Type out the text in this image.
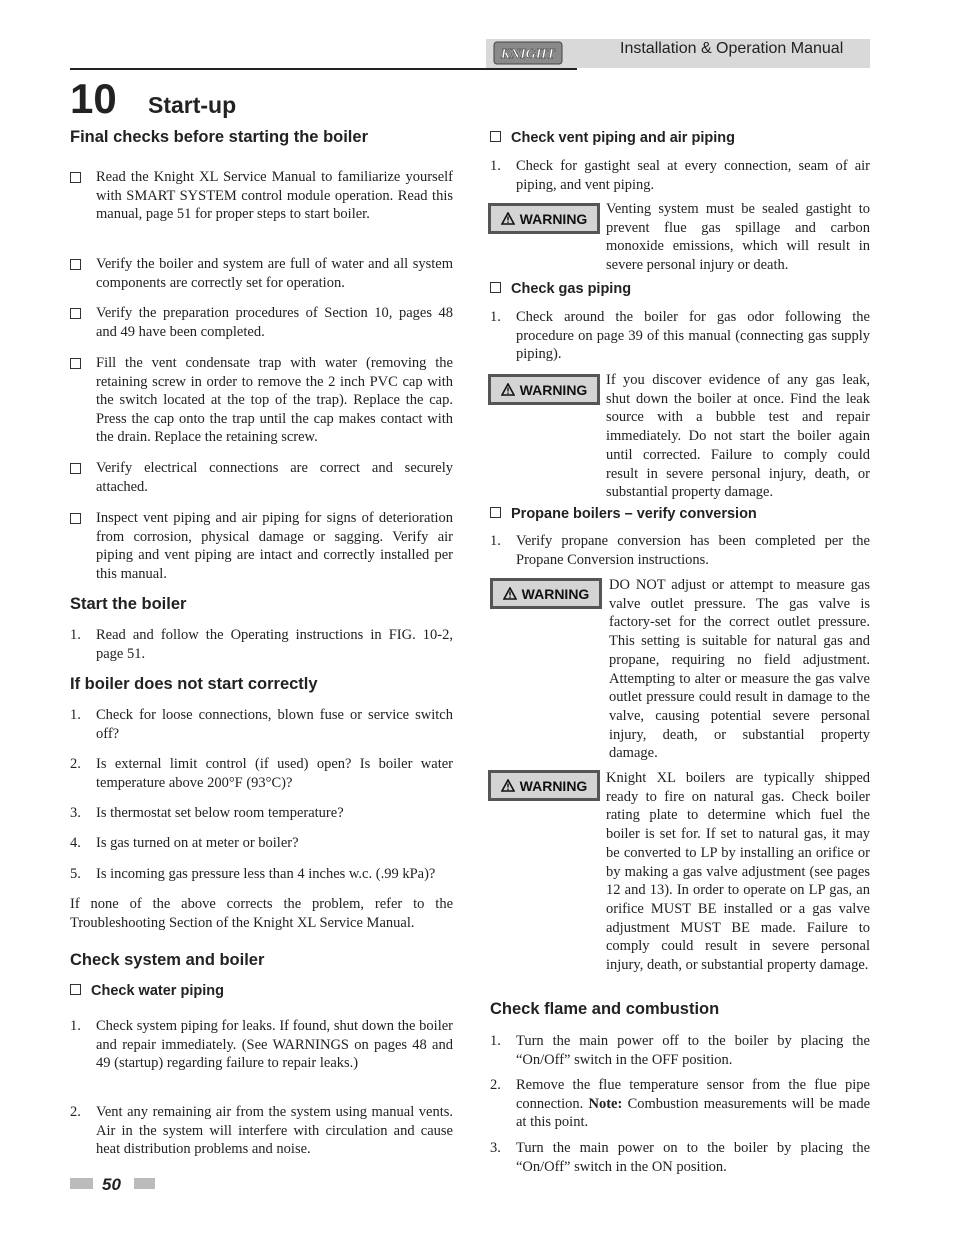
KNIGHT	Installation & Operation Manual
10 Start-up
Final checks before starting the boiler
Read the Knight XL Service Manual to familiarize yourself with SMART SYSTEM control module operation. Read this manual, page 51 for proper steps to start boiler.
Verify the boiler and system are full of water and all system components are correctly set for operation.
Verify the preparation procedures of Section 10, pages 48 and 49 have been completed.
Fill the vent condensate trap with water (removing the retaining screw in order to remove the 2 inch PVC cap with the switch located at the top of the trap). Replace the cap. Press the cap onto the trap until the cap makes contact with the drain. Replace the retaining screw.
Verify electrical connections are correct and securely attached.
Inspect vent piping and air piping for signs of deterioration from corrosion, physical damage or sagging. Verify air piping and vent piping are intact and correctly installed per this manual.
Start the boiler
1. Read and follow the Operating instructions in FIG. 10-2, page 51.
If boiler does not start correctly
1. Check for loose connections, blown fuse or service switch off?
2. Is external limit control (if used) open? Is boiler water temperature above 200°F (93°C)?
3. Is thermostat set below room temperature?
4. Is gas turned on at meter or boiler?
5. Is incoming gas pressure less than 4 inches w.c. (.99 kPa)?
If none of the above corrects the problem, refer to the Troubleshooting Section of the Knight XL Service Manual.
Check system and boiler
Check water piping
1. Check system piping for leaks. If found, shut down the boiler and repair immediately. (See WARNINGS on pages 48 and 49 (startup) regarding failure to repair leaks.)
2. Vent any remaining air from the system using manual vents. Air in the system will interfere with circulation and cause heat distribution problems and noise.
Check vent piping and air piping
1. Check for gastight seal at every connection, seam of air piping, and vent piping.
WARNING
Venting system must be sealed gastight to prevent flue gas spillage and carbon monoxide emissions, which will result in severe personal injury or death.
Check gas piping
1. Check around the boiler for gas odor following the procedure on page 39 of this manual (connecting gas supply piping).
WARNING
If you discover evidence of any gas leak, shut down the boiler at once. Find the leak source with a bubble test and repair immediately. Do not start the boiler again until corrected. Failure to comply could result in severe personal injury, death, or substantial property damage.
Propane boilers – verify conversion
1. Verify propane conversion has been completed per the Propane Conversion instructions.
WARNING
DO NOT adjust or attempt to measure gas valve outlet pressure. The gas valve is factory-set for the correct outlet pressure. This setting is suitable for natural gas and propane, requiring no field adjustment. Attempting to alter or measure the gas valve outlet pressure could result in damage to the valve, causing potential severe personal injury, death, or substantial property damage.
WARNING Knight XL boilers are typically shipped ready to fire on natural gas. Check boiler rating plate to determine which fuel the boiler is set for. If set to natural gas, it may be converted to LP by installing an orifice or by making a gas valve adjustment (see pages 12 and 13). In order to operate on LP gas, an orifice MUST BE installed or a gas valve adjustment MUST BE made. Failure to comply could result in severe personal injury, death, or substantial property damage.
Check flame and combustion
1. Turn the main power off to the boiler by placing the “On/Off” switch in the OFF position.
2. Remove the flue temperature sensor from the flue pipe connection. Note: Combustion measurements will be made at this point.
3. Turn the main power on to the boiler by placing the “On/Off” switch in the ON position.
50
